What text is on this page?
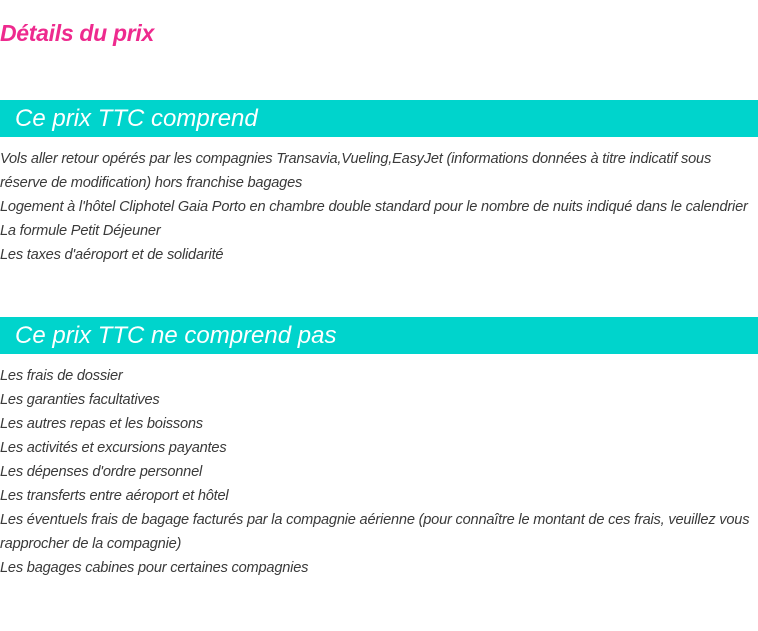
Détails du prix
Ce prix TTC comprend
Vols aller retour opérés par les compagnies Transavia,Vueling,EasyJet (informations données à titre indicatif sous réserve de modification) hors franchise bagages
Logement à l'hôtel Cliphotel Gaia Porto en chambre double standard pour le nombre de nuits indiqué dans le calendrier
La formule Petit Déjeuner
Les taxes d'aéroport et de solidarité
Ce prix TTC ne comprend pas
Les frais de dossier
Les garanties facultatives
Les autres repas et les boissons
Les activités et excursions payantes
Les dépenses d'ordre personnel
Les transferts entre aéroport et hôtel
Les éventuels frais de bagage facturés par la compagnie aérienne (pour connaître le montant de ces frais, veuillez vous rapprocher de la compagnie)
Les bagages cabines pour certaines compagnies
